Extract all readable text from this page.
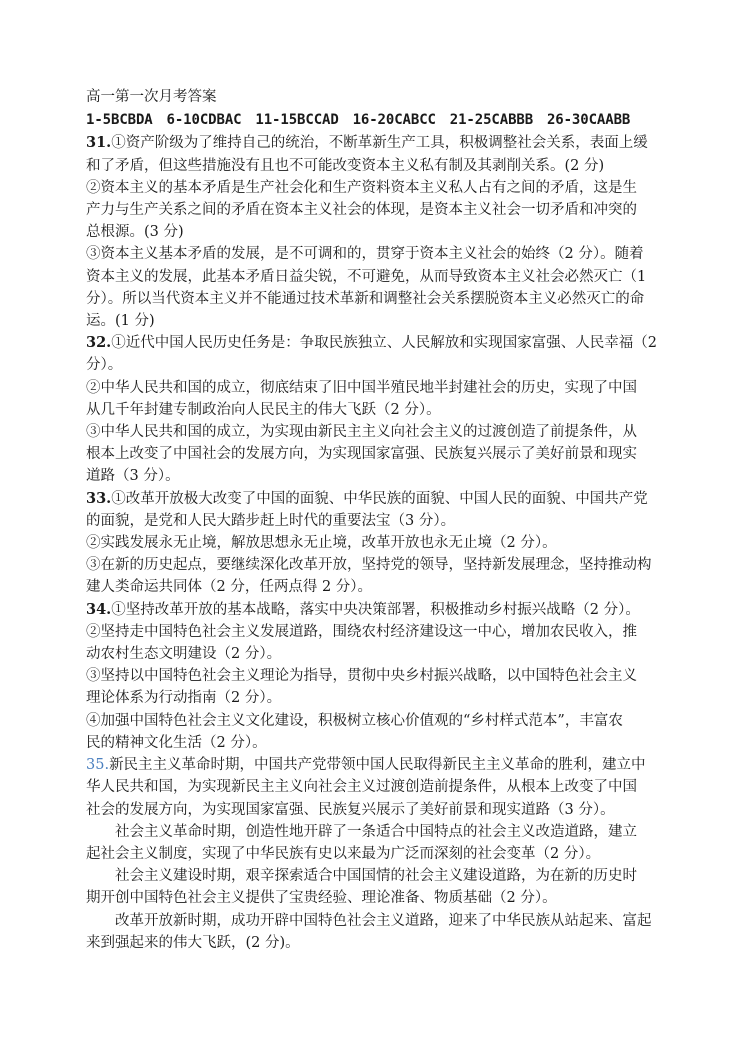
高一第一次月考答案
1-5BCBDA　6-10CDBAC　11-15BCCAD　16-20CABCC　21-25CABBB　26-30CAABB
31.①资产阶级为了维持自己的统治，不断革新生产工具，积极调整社会关系，表面上缓
和了矛盾，但这些措施没有且也不可能改变资本主义私有制及其剥削关系。(2 分)
②资本主义的基本矛盾是生产社会化和生产资料资本主义私人占有之间的矛盾，这是生
产力与生产关系之间的矛盾在资本主义社会的体现，是资本主义社会一切矛盾和冲突的
总根源。(3 分)
③资本主义基本矛盾的发展，是不可调和的，贯穿于资本主义社会的始终（2 分）。随着
资本主义的发展，此基本矛盾日益尖锐，不可避免，从而导致资本主义社会必然灭亡（1
分）。所以当代资本主义并不能通过技术革新和调整社会关系摆脱资本主义必然灭亡的命
运。(1 分)
32.①近代中国人民历史任务是：争取民族独立、人民解放和实现国家富强、人民幸福（2
分）。
②中华人民共和国的成立，彻底结束了旧中国半殖民地半封建社会的历史，实现了中国
从几千年封建专制政治向人民民主的伟大飞跃（2 分）。
③中华人民共和国的成立，为实现由新民主主义向社会主义的过渡创造了前提条件，从
根本上改变了中国社会的发展方向，为实现国家富强、民族复兴展示了美好前景和现实
道路（3 分）。
33.①改革开放极大改变了中国的面貌、中华民族的面貌、中国人民的面貌、中国共产党
的面貌，是党和人民大踏步赶上时代的重要法宝（3 分）。
②实践发展永无止境，解放思想永无止境，改革开放也永无止境（2 分）。
③在新的历史起点，要继续深化改革开放，坚持党的领导，坚持新发展理念，坚持推动构
建人类命运共同体（2 分，任两点得 2 分）。
34.①坚持改革开放的基本战略，落实中央决策部署，积极推动乡村振兴战略（2 分）。
②坚持走中国特色社会主义发展道路，围绕农村经济建设这一中心，增加农民收入，推
动农村生态文明建设（2 分）。
③坚持以中国特色社会主义理论为指导，贯彻中央乡村振兴战略，以中国特色社会主义
理论体系为行动指南（2 分）。
④加强中国特色社会主义文化建设，积极树立核心价值观的“乡村样式范本”，丰富农
民的精神文化生活（2 分）。
35.新民主主义革命时期，中国共产党带领中国人民取得新民主主义革命的胜利，建立中
华人民共和国，为实现新民主主义向社会主义过渡创造前提条件，从根本上改变了中国
社会的发展方向，为实现国家富强、民族复兴展示了美好前景和现实道路（3 分）。
社会主义革命时期，创造性地开辟了一条适合中国特点的社会主义改造道路，建立
起社会主义制度，实现了中华民族有史以来最为广泛而深刻的社会变革（2 分）。
社会主义建设时期，艰辛探索适合中国国情的社会主义建设道路，为在新的历史时
期开创中国特色社会主义提供了宝贵经验、理论准备、物质基础（2 分）。
改革开放新时期，成功开辟中国特色社会主义道路，迎来了中华民族从站起来、富起
来到强起来的伟大飞跃，(2 分)。
